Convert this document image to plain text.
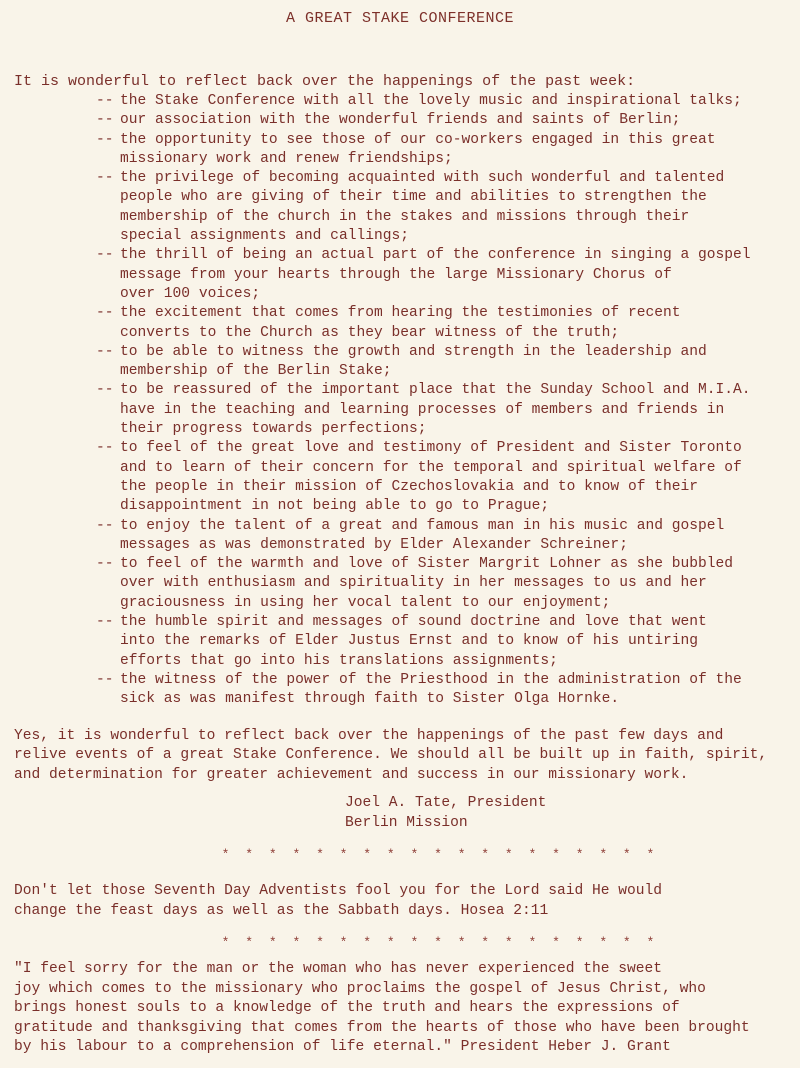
A GREAT STAKE CONFERENCE
It is wonderful to reflect back over the happenings of the past week:
-- the Stake Conference with all the lovely music and inspirational talks;
-- our association with the wonderful friends and saints of Berlin;
-- the opportunity to see those of our co-workers engaged in this great
missionary work and renew friendships;
-- the privilege of becoming acquainted with such wonderful and talented
people who are giving of their time and abilities to strengthen the
membership of the church in the stakes and missions through their
special assignments and callings;
-- the thrill of being an actual part of the conference in singing a gospel
message from your hearts through the large Missionary Chorus of
over 100 voices;
-- the excitement that comes from hearing the testimonies of recent
converts to the Church as they bear witness of the truth;
-- to be able to witness the growth and strength in the leadership and
membership of the Berlin Stake;
-- to be reassured of the important place that the Sunday School and M.I.A.
have in the teaching and learning processes of members and friends in
their progress towards perfections;
-- to feel of the great love and testimony of President and Sister Toronto
and to learn of their concern for the temporal and spiritual welfare of
the people in their mission of Czechoslovakia and to know of their
disappointment in not being able to go to Prague;
-- to enjoy the talent of a great and famous man in his music and gospel
messages as was demonstrated by Elder Alexander Schreiner;
-- to feel of the warmth and love of Sister Margrit Lohner as she bubbled
over with enthusiasm and spirituality in her messages to us and her
graciousness in using her vocal talent to our enjoyment;
-- the humble spirit and messages of sound doctrine and love that went
into the remarks of Elder Justus Ernst and to know of his untiring
efforts that go into his translations assignments;
-- the witness of the power of the Priesthood in the administration of the
sick as was manifest through faith to Sister Olga Hornke.
Yes, it is wonderful to reflect back over the happenings of the past few days and
relive events of a great Stake Conference. We should all be built up in faith, spirit,
and determination for greater achievement and success in our missionary work.
Joel A. Tate, President
Berlin Mission
* * * * * * * * * * * * * * * * * * *
Don't let those Seventh Day Adventists fool you for the Lord said He would
change the feast days as well as the Sabbath days. Hosea 2:11
* * * * * * * * * * * * * * * * * * *
"I feel sorry for the man or the woman who has never experienced the sweet
joy which comes to the missionary who proclaims the gospel of Jesus Christ, who
brings honest souls to a knowledge of the truth and hears the expressions of
gratitude and thanksgiving that comes from the hearts of those who have been brought
by his labour to a comprehension of life eternal." President Heber J. Grant
